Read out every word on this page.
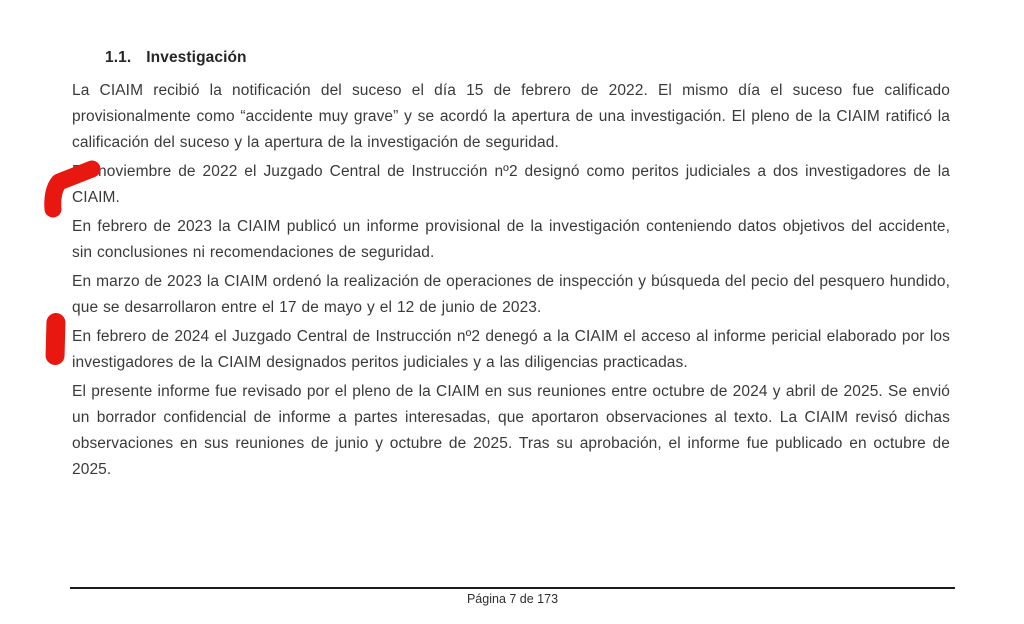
1.1. Investigación

La CIAIM recibió la notificación del suceso el día 15 de febrero de 2022. El mismo día el suceso fue calificado provisionalmente como “accidente muy grave” y se acordó la apertura de una investigación. El pleno de la CIAIM ratificó la calificación del suceso y la apertura de la investigación de seguridad.

En noviembre de 2022 el Juzgado Central de Instrucción nº2 designó como peritos judiciales a dos investigadores de la CIAIM.

En febrero de 2023 la CIAIM publicó un informe provisional de la investigación conteniendo datos objetivos del accidente, sin conclusiones ni recomendaciones de seguridad.

En marzo de 2023 la CIAIM ordenó la realización de operaciones de inspección y búsqueda del pecio del pesquero hundido, que se desarrollaron entre el 17 de mayo y el 12 de junio de 2023.

En febrero de 2024 el Juzgado Central de Instrucción nº2 denegó a la CIAIM el acceso al informe pericial elaborado por los investigadores de la CIAIM designados peritos judiciales y a las diligencias practicadas.

El presente informe fue revisado por el pleno de la CIAIM en sus reuniones entre octubre de 2024 y abril de 2025. Se envió un borrador confidencial de informe a partes interesadas, que aportaron observaciones al texto. La CIAIM revisó dichas observaciones en sus reuniones de junio y octubre de 2025. Tras su aprobación, el informe fue publicado en octubre de 2025.

Página 7 de 173
